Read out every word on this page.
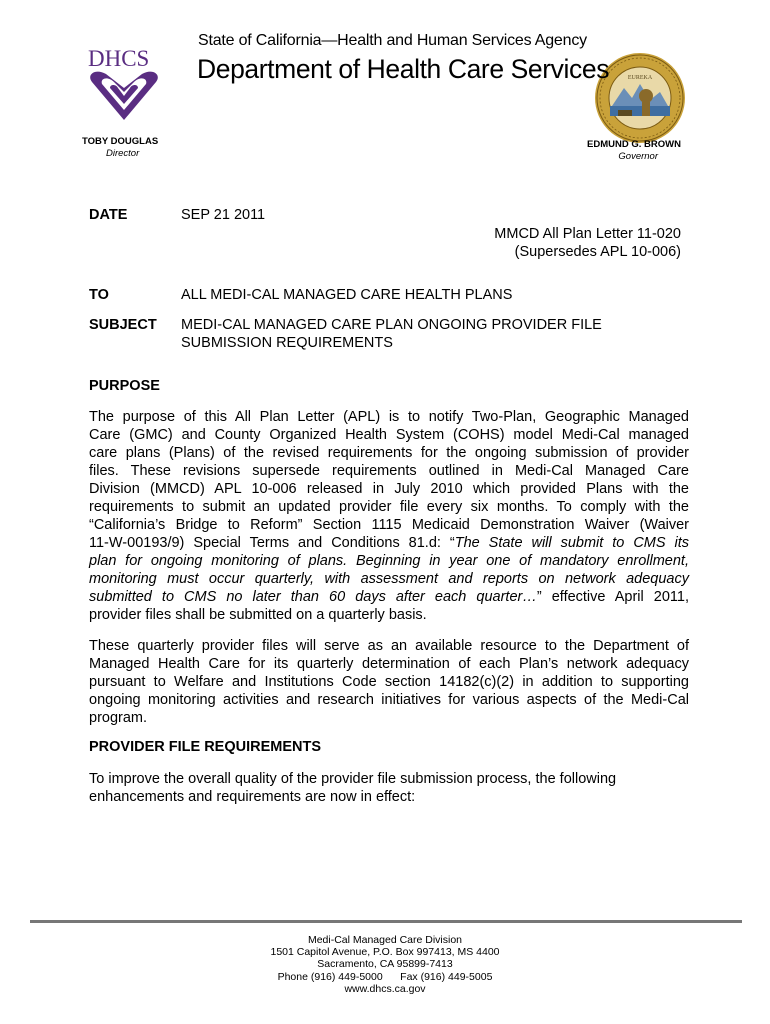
DHCS
EUREKA
State of California—Health and Human Services Agency
Department of Health Care Services
TOBY DOUGLAS
Director
EDMUND G. BROWN
Governor
DATE	SEP 21 2011
MMCD All Plan Letter 11-020
(Supersedes APL 10-006)
TO	ALL MEDI-CAL MANAGED CARE HEALTH PLANS
SUBJECT MEDI-CAL MANAGED CARE PLAN ONGOING PROVIDER FILE
SUBMISSION REQUIREMENTS
PURPOSE

The purpose of this All Plan Letter (APL) is to notify Two-Plan, Geographic Managed

Care (GMC) and County Organized Health System (COHS) model Medi-Cal managed

care plans (Plans) of the revised requirements for the ongoing submission of provider

files. These revisions supersede requirements outlined in Medi-Cal Managed Care

Division (MMCD) APL 10-006 released in July 2010 which provided Plans with the

requirements to submit an updated provider file every six months. To comply with the

“California’s Bridge to Reform” Section 1115 Medicaid Demonstration Waiver (Waiver

11-W-00193/9) Special Terms and Conditions 81.d: “The State will submit to CMS its

plan for ongoing monitoring of plans. Beginning in year one of mandatory enrollment,

monitoring must occur quarterly, with assessment and reports on network adequacy

submitted to CMS no later than 60 days after each quarter…” effective April 2011,

provider files shall be submitted on a quarterly basis.

These quarterly provider files will serve as an available resource to the Department of

Managed Health Care for its quarterly determination of each Plan’s network adequacy

pursuant to Welfare and Institutions Code section 14182(c)(2) in addition to supporting

ongoing monitoring activities and research initiatives for various aspects of the Medi-Cal

program.

PROVIDER FILE REQUIREMENTS

To improve the overall quality of the provider file submission process, the following

enhancements and requirements are now in effect:

Medi-Cal Managed Care Division
1501 Capitol Avenue, P.O. Box 997413, MS 4400
Sacramento, CA 95899-7413
Phone (916) 449-5000      Fax (916) 449-5005
www.dhcs.ca.gov
